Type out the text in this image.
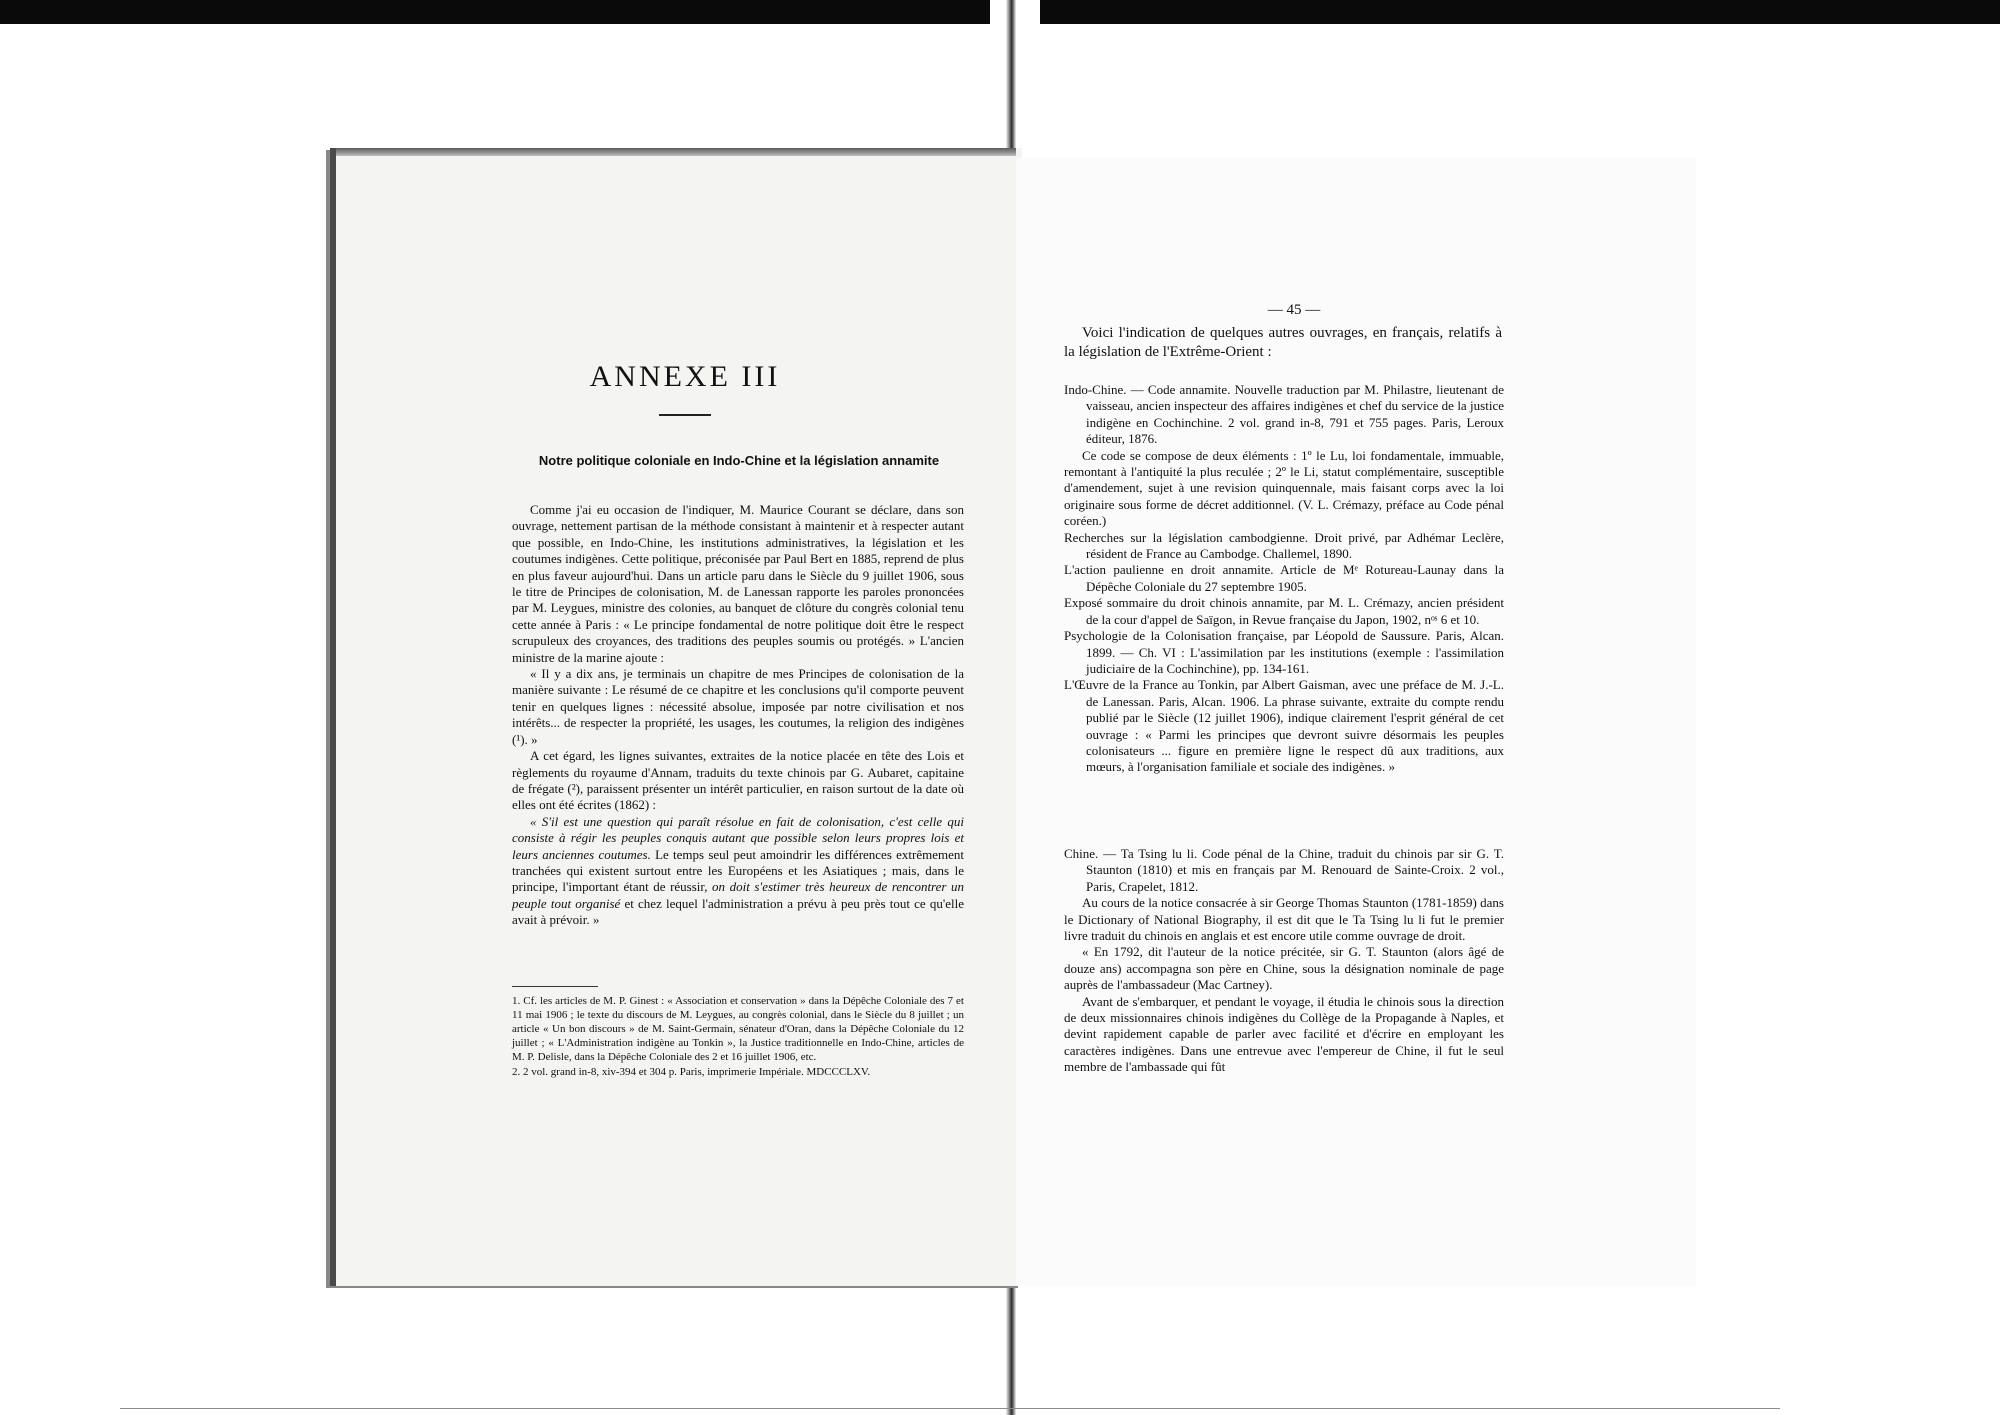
ANNEXE III
Notre politique coloniale en Indo-Chine et la législation annamite

Comme j'ai eu occasion de l'indiquer, M. Maurice Courant se déclare, dans son ouvrage, nettement partisan de la méthode consistant à maintenir et à respecter autant que possible, en Indo-Chine, les institutions administratives, la législation et les coutumes indigènes. Cette politique, préconisée par Paul Bert en 1885, reprend de plus en plus faveur aujourd'hui. Dans un article paru dans le Siècle du 9 juillet 1906, sous le titre de Principes de colonisation, M. de Lanessan rapporte les paroles prononcées par M. Leygues, ministre des colonies, au banquet de clôture du congrès colonial tenu cette année à Paris : « Le principe fondamental de notre politique doit être le respect scrupuleux des croyances, des traditions des peuples soumis ou protégés. » L'ancien ministre de la marine ajoute :

« Il y a dix ans, je terminais un chapitre de mes Principes de colonisation de la manière suivante : Le résumé de ce chapitre et les conclusions qu'il comporte peuvent tenir en quelques lignes : nécessité absolue, imposée par notre civilisation et nos intérêts... de respecter la propriété, les usages, les coutumes, la religion des indigènes (¹). »

A cet égard, les lignes suivantes, extraites de la notice placée en tête des Lois et règlements du royaume d'Annam, traduits du texte chinois par G. Aubaret, capitaine de frégate (²), paraissent présenter un intérêt particulier, en raison surtout de la date où elles ont été écrites (1862) :

« S'il est une question qui paraît résolue en fait de colonisation, c'est celle qui consiste à régir les peuples conquis autant que possible selon leurs propres lois et leurs anciennes coutumes. Le temps seul peut amoindrir les différences extrêmement tranchées qui existent surtout entre les Européens et les Asiatiques ; mais, dans le principe, l'important étant de réussir, on doit s'estimer très heureux de rencontrer un peuple tout organisé et chez lequel l'administration a prévu à peu près tout ce qu'elle avait à prévoir. »

1. Cf. les articles de M. P. Ginest : « Association et conservation » dans la Dépêche Coloniale des 7 et 11 mai 1906 ; le texte du discours de M. Leygues, au congrès colonial, dans le Siècle du 8 juillet ; un article « Un bon discours » de M. Saint-Germain, sénateur d'Oran, dans la Dépêche Coloniale du 12 juillet ; « L'Administration indigène au Tonkin », la Justice traditionnelle en Indo-Chine, articles de M. P. Delisle, dans la Dépêche Coloniale des 2 et 16 juillet 1906, etc.

2. 2 vol. grand in-8, xiv-394 et 304 p. Paris, imprimerie Impériale. MDCCCLXV.

— 45 —

Voici l'indication de quelques autres ouvrages, en français, relatifs à la législation de l'Extrême-Orient :

Indo-Chine. — Code annamite. Nouvelle traduction par M. Philastre, lieutenant de vaisseau, ancien inspecteur des affaires indigènes et chef du service de la justice indigène en Cochinchine. 2 vol. grand in-8, 791 et 755 pages. Paris, Leroux éditeur, 1876.

Ce code se compose de deux éléments : 1º le Lu, loi fondamentale, immuable, remontant à l'antiquité la plus reculée ; 2º le Li, statut complémentaire, susceptible d'amendement, sujet à une revision quinquennale, mais faisant corps avec la loi originaire sous forme de décret additionnel. (V. L. Crémazy, préface au Code pénal coréen.)

Recherches sur la législation cambodgienne. Droit privé, par Adhémar Leclère, résident de France au Cambodge. Challemel, 1890.

L'action paulienne en droit annamite. Article de Mᵉ Rotureau-Launay dans la Dépêche Coloniale du 27 septembre 1905.

Exposé sommaire du droit chinois annamite, par M. L. Crémazy, ancien président de la cour d'appel de Saïgon, in Revue française du Japon, 1902, nᵒˢ 6 et 10.

Psychologie de la Colonisation française, par Léopold de Saussure. Paris, Alcan. 1899. — Ch. VI : L'assimilation par les institutions (exemple : l'assimilation judiciaire de la Cochinchine), pp. 134-161.

L'Œuvre de la France au Tonkin, par Albert Gaisman, avec une préface de M. J.-L. de Lanessan. Paris, Alcan. 1906. La phrase suivante, extraite du compte rendu publié par le Siècle (12 juillet 1906), indique clairement l'esprit général de cet ouvrage : « Parmi les principes que devront suivre désormais les peuples colonisateurs ... figure en première ligne le respect dû aux traditions, aux mœurs, à l'organisation familiale et sociale des indigènes. »

Chine. — Ta Tsing lu li. Code pénal de la Chine, traduit du chinois par sir G. T. Staunton (1810) et mis en français par M. Renouard de Sainte-Croix. 2 vol., Paris, Crapelet, 1812.

Au cours de la notice consacrée à sir George Thomas Staunton (1781-1859) dans le Dictionary of National Biography, il est dit que le Ta Tsing lu li fut le premier livre traduit du chinois en anglais et est encore utile comme ouvrage de droit.

« En 1792, dit l'auteur de la notice précitée, sir G. T. Staunton (alors âgé de douze ans) accompagna son père en Chine, sous la désignation nominale de page auprès de l'ambassadeur (Mac Cartney).

Avant de s'embarquer, et pendant le voyage, il étudia le chinois sous la direction de deux missionnaires chinois indigènes du Collège de la Propagande à Naples, et devint rapidement capable de parler avec facilité et d'écrire en employant les caractères indigènes. Dans une entrevue avec l'empereur de Chine, il fut le seul membre de l'ambassade qui fût
